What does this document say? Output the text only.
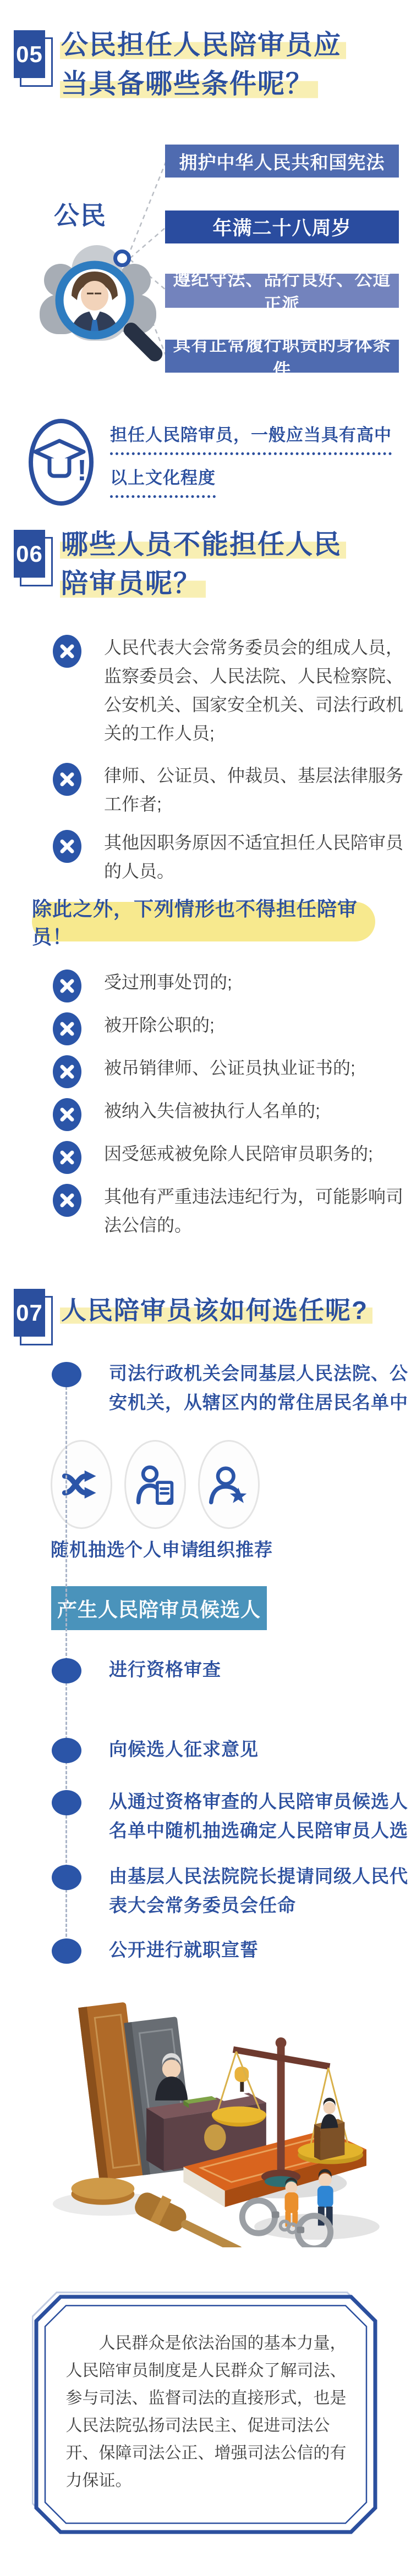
05 公民担任人民陪审员应
当具备哪些条件呢？
公民
拥护中华人民共和国宪法
年满二十八周岁
遵纪守法、品行良好、公道正派
具有正常履行职责的身体条件
!
担任人民陪审员，一般应当具有高中
以上文化程度
06 哪些人员不能担任人民
陪审员呢？
人民代表大会常务委员会的组成人员，监察委员会、人民法院、人民检察院、公安机关、国家安全机关、司法行政机关的工作人员;
律师、公证员、仲裁员、基层法律服务工作者;
其他因职务原因不适宜担任人民陪审员的人员。
除此之外，下列情形也不得担任陪审员！
受过刑事处罚的;
被开除公职的;
被吊销律师、公证员执业证书的;
被纳入失信被执行人名单的;
因受惩戒被免除人民陪审员职务的;
其他有严重违法违纪行为，可能影响司法公信的。
07 人民陪审员该如何选任呢?
司法行政机关会同基层人民法院、公安机关，从辖区内的常住居民名单中
随机抽选
个人申请
组织推荐
产生人民陪审员候选人
进行资格审查
向候选人征求意见
从通过资格审查的人民陪审员候选人名单中随机抽选确定人民陪审员人选
由基层人民法院院长提请同级人民代表大会常务委员会任命
公开进行就职宣誓
人民群众是依法治国的基本力量，人民陪审员制度是人民群众了解司法、参与司法、监督司法的直接形式，也是人民法院弘扬司法民主、促进司法公开、保障司法公正、增强司法公信的有力保证。
